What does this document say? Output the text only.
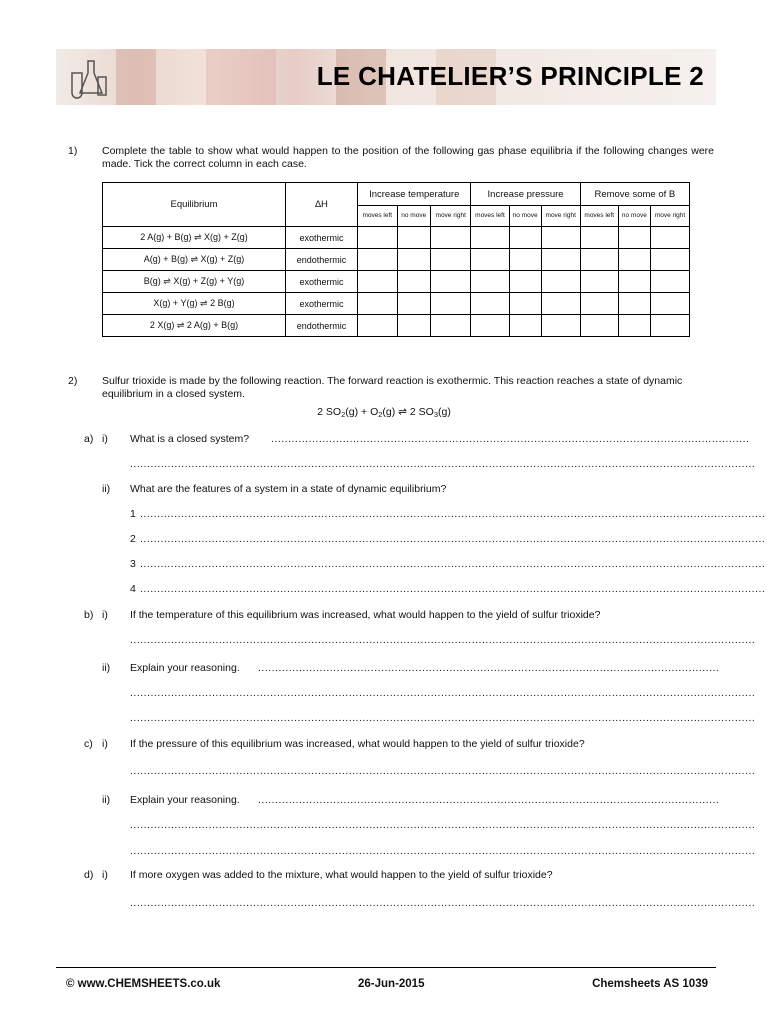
LE CHATELIER’S PRINCIPLE 2
1) Complete the table to show what would happen to the position of the following gas phase equilibria if the following changes were made. Tick the correct column in each case.
Equilibrium	∆H	Increase temperature			Increase pressure			Remove some of B		
		moves left	no move	move right	moves left	no move	move right	moves left	no move	move right
2 A(g) + B(g) ⇌ X(g) + Z(g)	exothermic									
A(g) + B(g) ⇌ X(g) + Z(g)	endothermic									
B(g) ⇌ X(g) + Z(g) + Y(g)	exothermic									
X(g) + Y(g) ⇌ 2 B(g)	exothermic									
2 X(g) ⇌ 2 A(g) + B(g)	endothermic									
2) Sulfur trioxide is made by the following reaction. The forward reaction is exothermic. This reaction reaches a state of dynamic equilibrium in a closed system.
2 $SO_2(g) + O_2(g)$ ⇌ 2 $SO_3(g)$
a) i) What is a closed system? ............................................................................................................................................
.......................................................................................................................................................................................
ii) What are the features of a system in a state of dynamic equilibrium?
1 .......................................................................................................................................................................................
2 .......................................................................................................................................................................................
3 .......................................................................................................................................................................................
4 .......................................................................................................................................................................................
b) i) If the temperature of this equilibrium was increased, what would happen to the yield of sulfur trioxide?
.......................................................................................................................................................................................
ii) Explain your reasoning. .......................................................................................................................................
.......................................................................................................................................................................................
.......................................................................................................................................................................................
c) i) If the pressure of this equilibrium was increased, what would happen to the yield of sulfur trioxide?
.......................................................................................................................................................................................
ii) Explain your reasoning. .......................................................................................................................................
.......................................................................................................................................................................................
.......................................................................................................................................................................................
d) i) If more oxygen was added to the mixture, what would happen to the yield of sulfur trioxide?
.......................................................................................................................................................................................
© www.CHEMSHEETS.co.uk	26-Jun-2015	Chemsheets AS 1039
